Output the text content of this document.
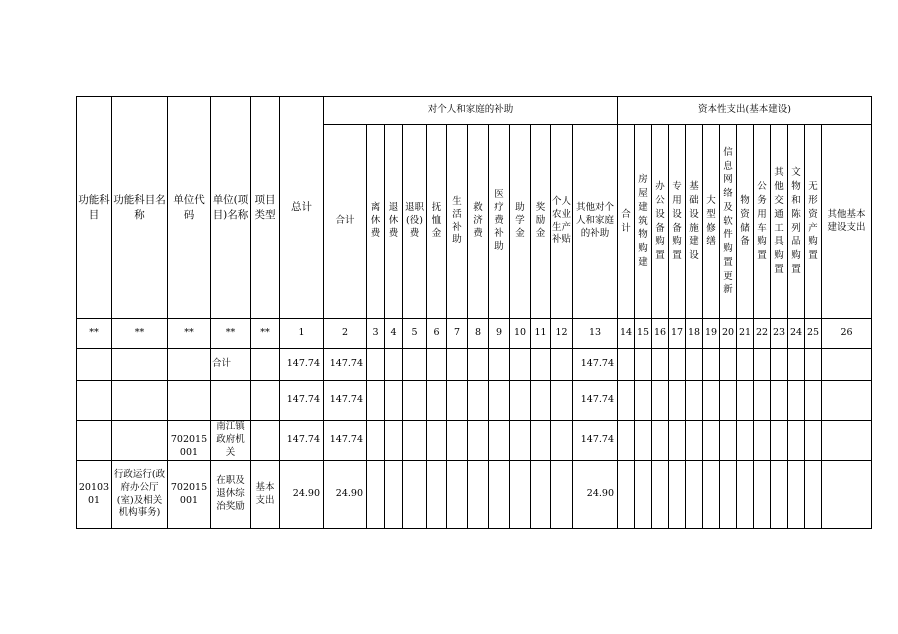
功能科目	功能科目名称	单位代码	单位(项目)名称	项目类型	总计	对个人和家庭的补助												资本性支出(基本建设)												
						合计	离休费	退休费	退职(役)费	抚恤金	生活补助	救济费	医疗费补助	助学金	奖励金	个人农业生产补贴	其他对个人和家庭的补助	合计	房屋建筑物购建	办公设备购置	专用设备购置	基础设施建设	大型修缮	信息网络及软件购置更新	物资储备	公务用车购置	其他交通工具购置	文物和陈列品购置	无形资产购置	其他基本建设支出
**	**	**	**	**	1	2	3	4	5	6	7	8	9	10	11	12	13	14	15	16	17	18	19	20	21	22	23	24	25	26
			合计		147.74	147.74											147.74													
					147.74	147.74											147.74													
		702015001	南江镇政府机关		147.74	147.74											147.74													
2010301	行政运行(政府办公厅(室)及相关机构事务)	702015001	在职及退休综治奖励	基本支出	24.90	24.90											24.90													
